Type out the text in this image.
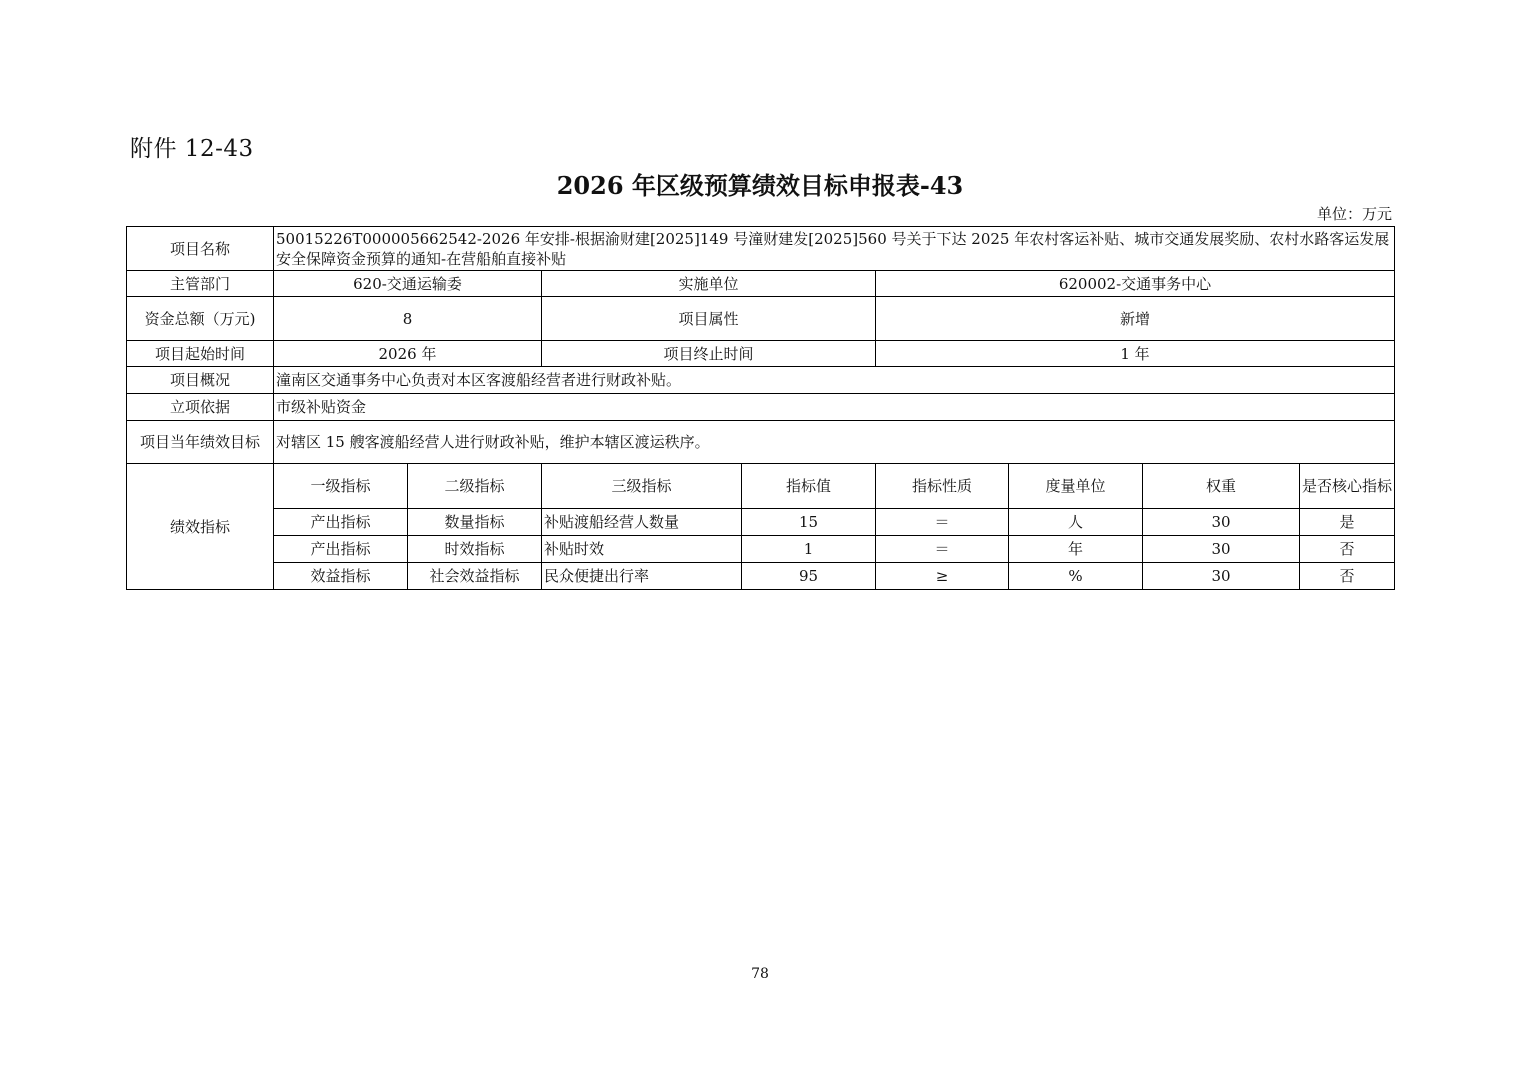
附件 12-43
2026 年区级预算绩效目标申报表-43
单位：万元
项目名称	50015226T000005662542-2026 年安排-根据渝财建[2025]149 号潼财建发[2025]560 号关于下达 2025 年农村客运补贴、城市交通发展奖励、农村水路客运发展安全保障资金预算的通知-在营船舶直接补贴							
主管部门	620-交通运输委		实施单位		620002-交通事务中心			
资金总额（万元)	8		项目属性		新增			
项目起始时间	2026 年		项目终止时间		1 年			
项目概况	潼南区交通事务中心负责对本区客渡船经营者进行财政补贴。							
立项依据	市级补贴资金							
项目当年绩效目标	对辖区 15 艘客渡船经营人进行财政补贴，维护本辖区渡运秩序。							
绩效指标	一级指标	二级指标	三级指标	指标值	指标性质	度量单位	权重	是否核心指标
	产出指标	数量指标	补贴渡船经营人数量	15	＝	人	30	是
	产出指标	时效指标	补贴时效	1	＝	年	30	否
	效益指标	社会效益指标	民众便捷出行率	95	≥	%	30	否
78
